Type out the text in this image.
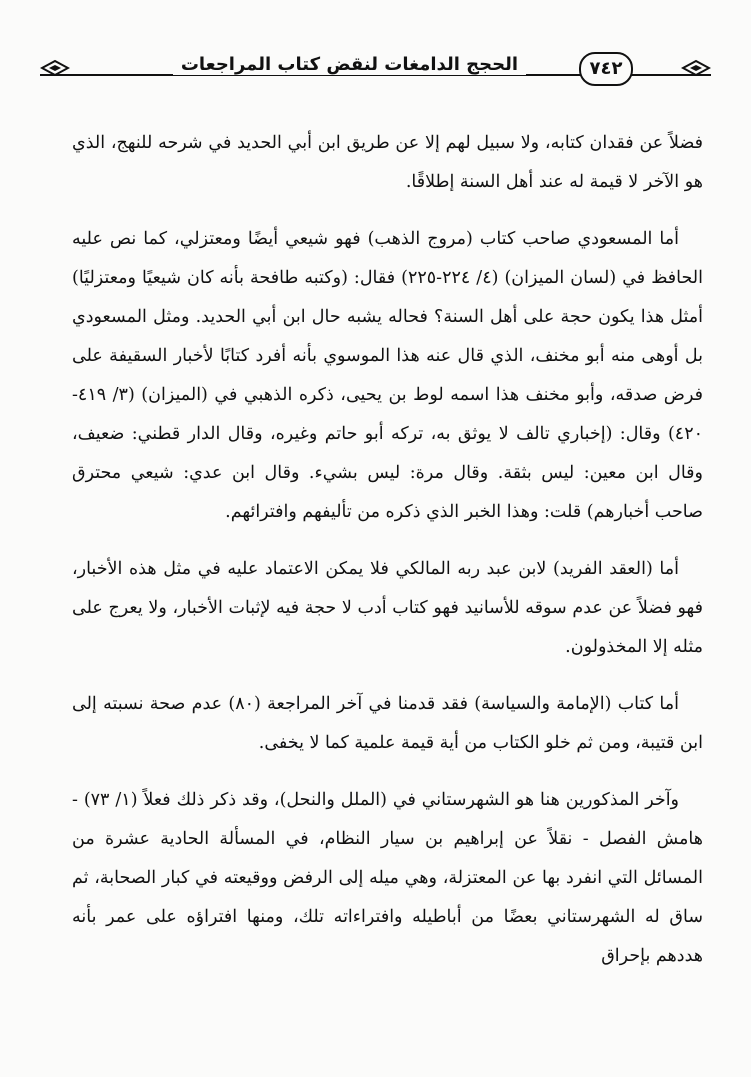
الحجج الدامغات لنقض كتاب المراجعات	٧٤٢

فضلاً عن فقدان كتابه، ولا سبيل لهم إلا عن طريق ابن أبي الحديد في شرحه للنهج، الذي هو الآخر لا قيمة له عند أهل السنة إطلاقًا.

أما المسعودي صاحب كتاب (مروج الذهب) فهو شيعي أيضًا ومعتزلي، كما نص عليه الحافظ في (لسان الميزان) (٤/ ٢٢٤-٢٢٥) فقال: (وكتبه طافحة بأنه كان شيعيًا ومعتزليًا) أمثل هذا يكون حجة على أهل السنة؟ فحاله يشبه حال ابن أبي الحديد. ومثل المسعودي بل أوهى منه أبو مخنف، الذي قال عنه هذا الموسوي بأنه أفرد كتابًا لأخبار السقيفة على فرض صدقه، وأبو مخنف هذا اسمه لوط بن يحيى، ذكره الذهبي في (الميزان) (٣/ ٤١٩- ٤٢٠) وقال: (إخباري تالف لا يوثق به، تركه أبو حاتم وغيره، وقال الدار قطني: ضعيف، وقال ابن معين: ليس بثقة. وقال مرة: ليس بشيء. وقال ابن عدي: شيعي محترق صاحب أخبارهم) قلت: وهذا الخبر الذي ذكره من تأليفهم وافترائهم.

أما (العقد الفريد) لابن عبد ربه المالكي فلا يمكن الاعتماد عليه في مثل هذه الأخبار، فهو فضلاً عن عدم سوقه للأسانيد فهو كتاب أدب لا حجة فيه لإثبات الأخبار، ولا يعرج على مثله إلا المخذولون.

أما كتاب (الإمامة والسياسة) فقد قدمنا في آخر المراجعة (٨٠) عدم صحة نسبته إلى ابن قتيبة، ومن ثم خلو الكتاب من أية قيمة علمية كما لا يخفى.

وآخر المذكورين هنا هو الشهرستاني في (الملل والنحل)، وقد ذكر ذلك فعلاً (١/ ٧٣) - هامش الفصل - نقلاً عن إبراهيم بن سيار النظام، في المسألة الحادية عشرة من المسائل التي انفرد بها عن المعتزلة، وهي ميله إلى الرفض ووقيعته في كبار الصحابة، ثم ساق له الشهرستاني بعضًا من أباطيله وافتراءاته تلك، ومنها افتراؤه على عمر بأنه هددهم بإحراق
